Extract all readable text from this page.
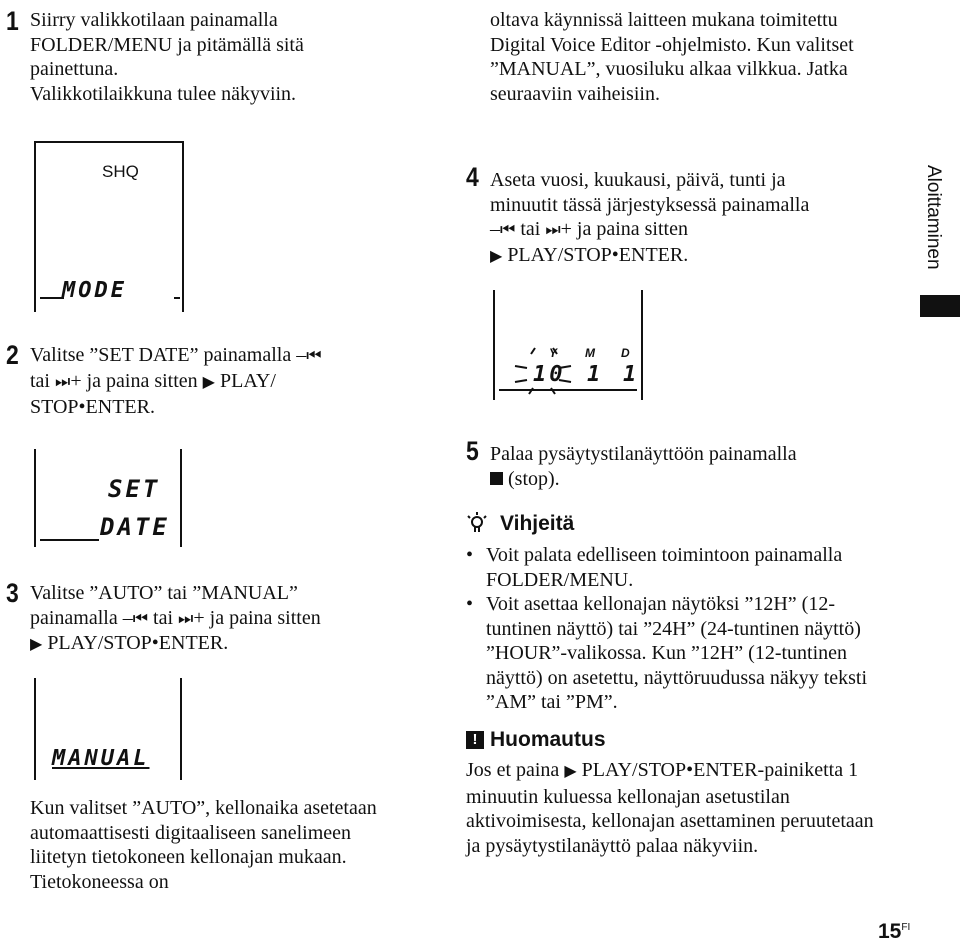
1 Siirry valikkotilaan painamalla FOLDER/MENU ja pitämällä sitä painettuna.
Valikkotilaikkuna tulee näkyviin.
SHQ
MODE
2 Valitse ”SET DATE” painamalla –⏮
tai ⏭+ ja paina sitten ▶ PLAY/
STOP•ENTER.
SET
DATE
3 Valitse ”AUTO” tai ”MANUAL”
painamalla –⏮ tai ⏭+ ja paina sitten
▶ PLAY/STOP•ENTER.
MANUAL
Kun valitset ”AUTO”, kellonaika asetetaan automaattisesti digitaaliseen sanelimeen liitetyn tietokoneen kellonajan mukaan. Tietokoneessa on
oltava käynnissä laitteen mukana toimitettu Digital Voice Editor -ohjelmisto. Kun valitset ”MANUAL”, vuosiluku alkaa vilkkua. Jatka seuraaviin vaiheisiin.
4 Aseta vuosi, kuukausi, päivä, tunti ja
minuutit tässä järjestyksessä painamalla
–⏮ tai ⏭+ ja paina sitten
▶ PLAY/STOP•ENTER.
Y M D
10 1 1
5 Palaa pysäytystilanäyttöön painamalla
(stop).
Vihjeitä
• Voit palata edelliseen toimintoon painamalla FOLDER/MENU.
• Voit asettaa kellonajan näytöksi ”12H” (12-tuntinen näyttö) tai ”24H” (24-tuntinen näyttö) ”HOUR”-valikossa. Kun ”12H” (12-tuntinen näyttö) on asetettu, näyttöruudussa näkyy teksti ”AM” tai ”PM”.
! Huomautus
Jos et paina ▶ PLAY/STOP•ENTER-painiketta 1 minuutin kuluessa kellonajan asetustilan aktivoimisesta, kellonajan asettaminen peruutetaan ja pysäytystilanäyttö palaa näkyviin.
Aloittaminen
$15^{FI}$
